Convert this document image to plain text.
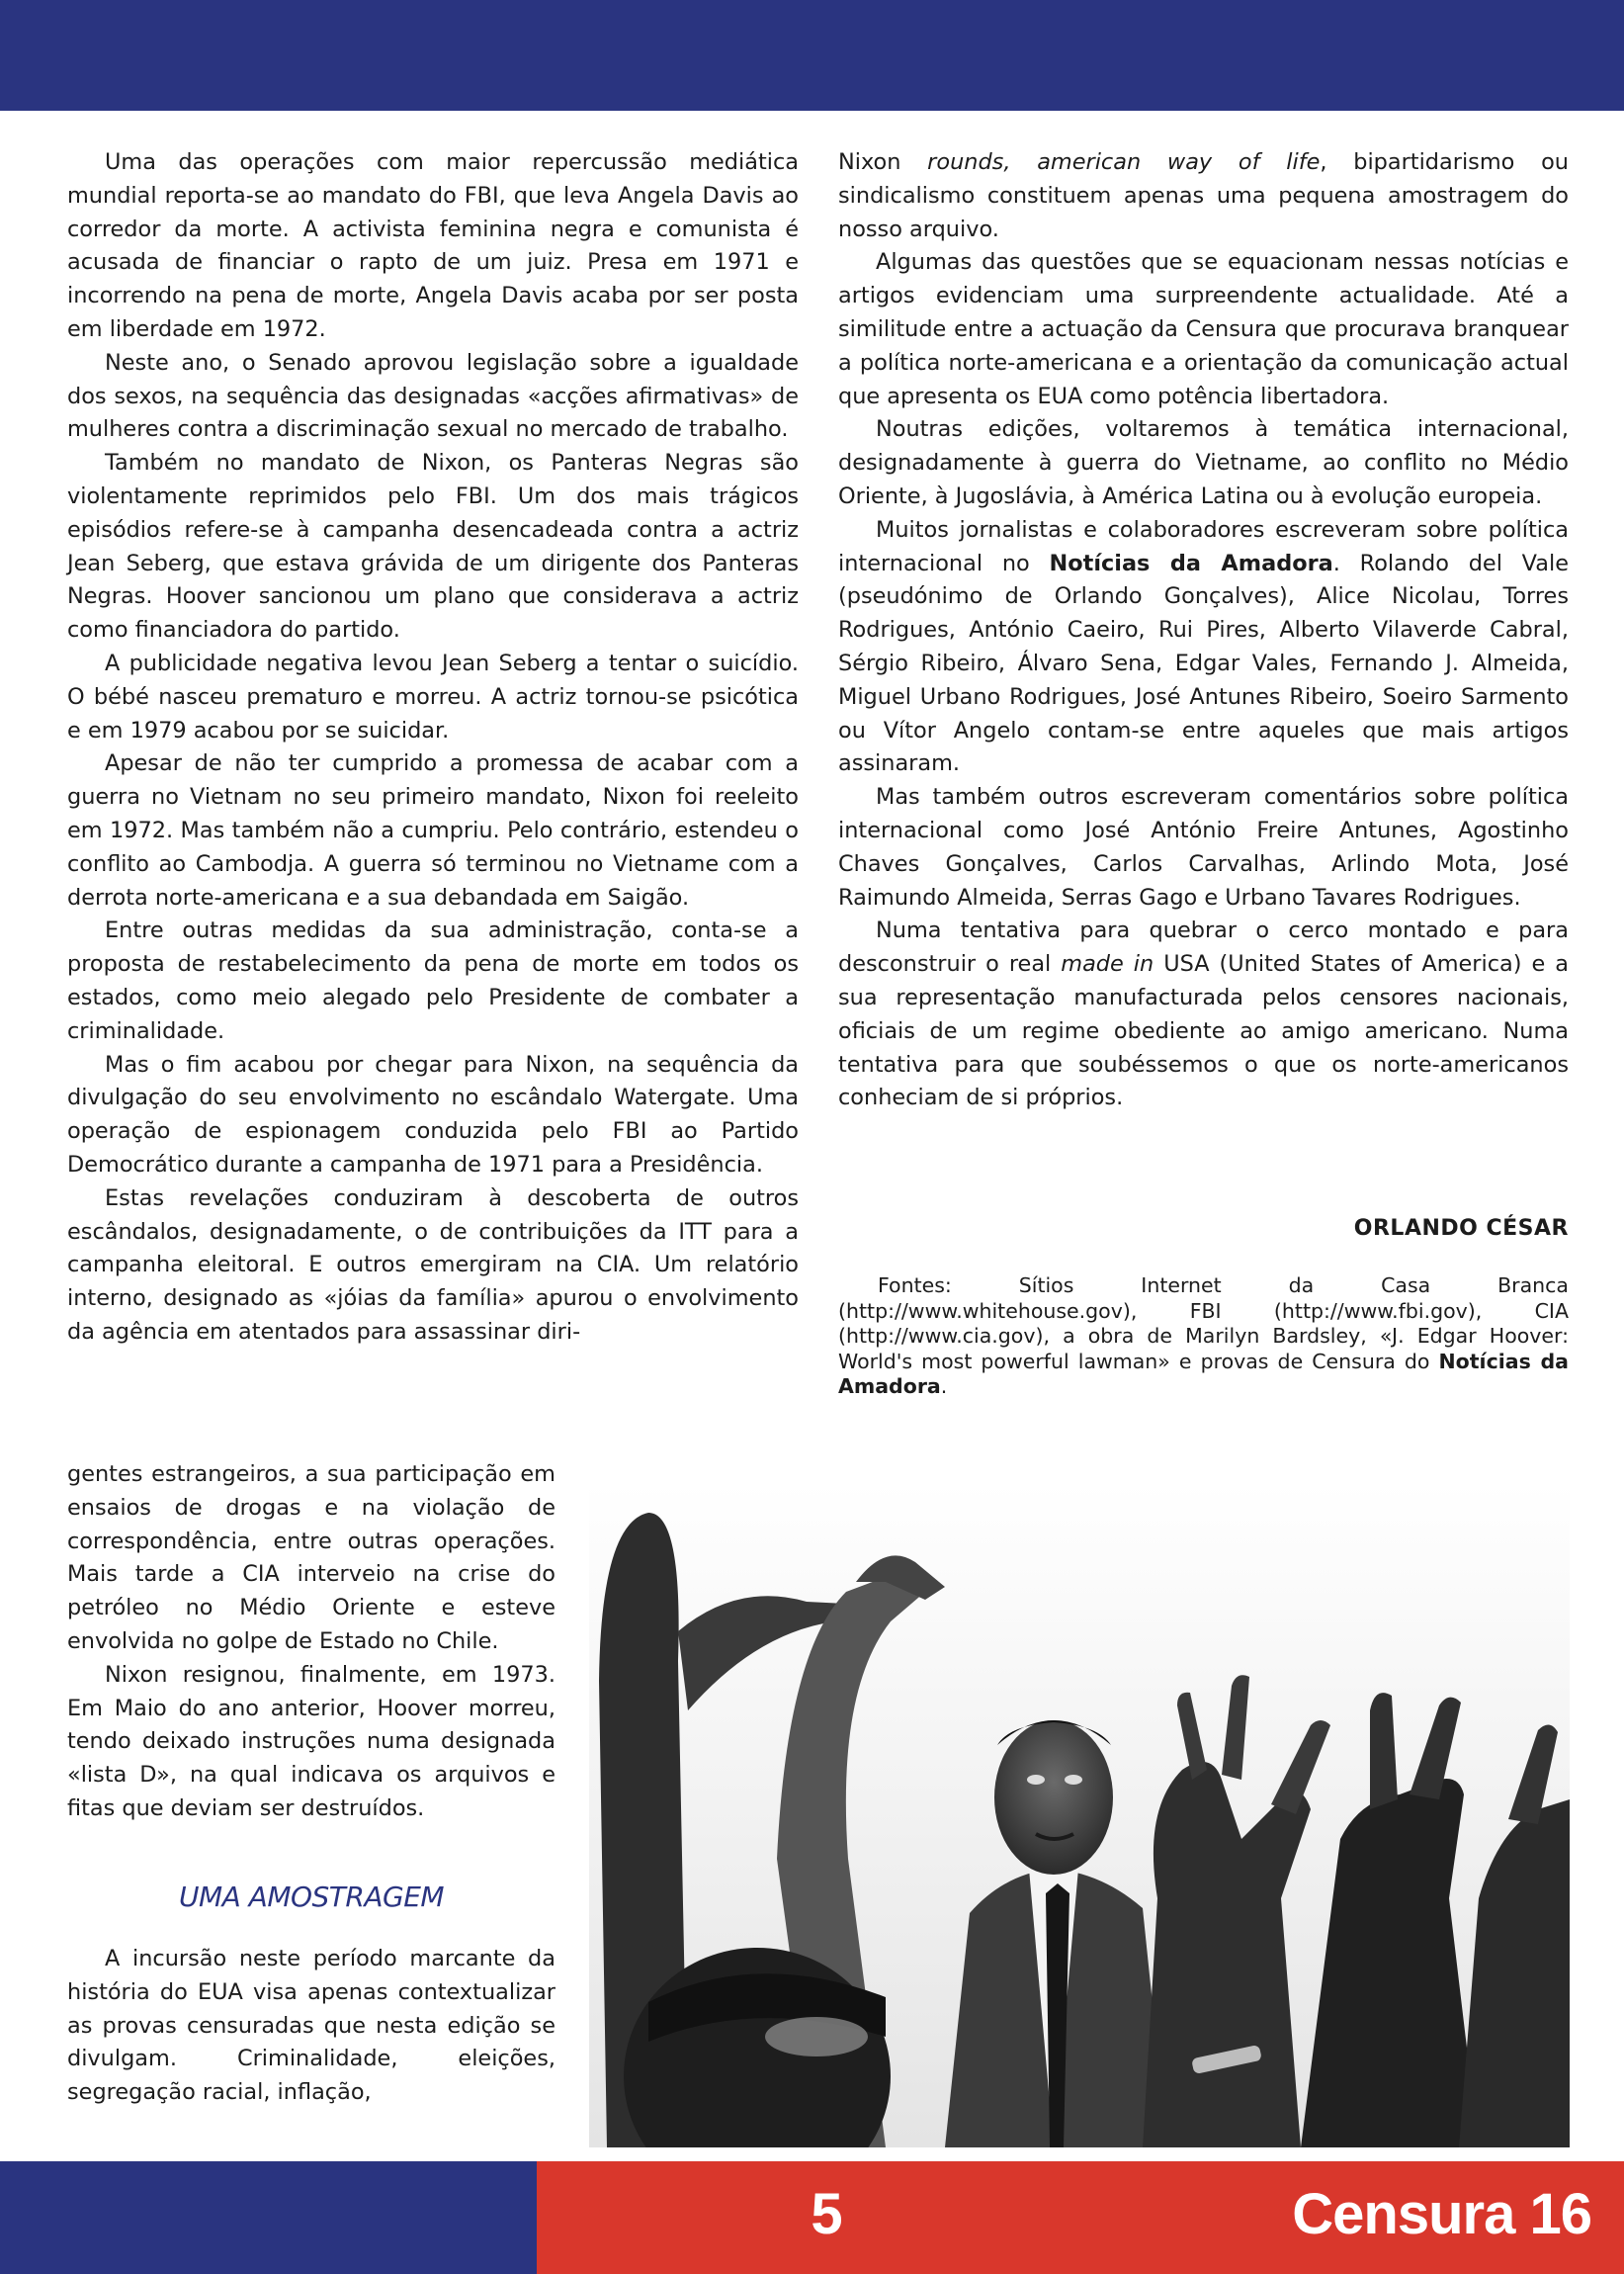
Uma das operações com maior repercussão mediática mundial reporta-se ao mandato do FBI, que leva Angela Davis ao corredor da morte. A activista feminina negra e comunista é acusada de financiar o rapto de um juiz. Presa em 1971 e incorrendo na pena de morte, Angela Davis acaba por ser posta em liberdade em 1972.

Neste ano, o Senado aprovou legislação sobre a igualdade dos sexos, na sequência das designadas «acções afirmativas» de mulheres contra a discriminação sexual no mercado de trabalho.

Também no mandato de Nixon, os Panteras Negras são violentamente reprimidos pelo FBI. Um dos mais trágicos episódios refere-se à campanha desencadeada contra a actriz Jean Seberg, que estava grávida de um dirigente dos Panteras Negras. Hoover sancionou um plano que considerava a actriz como financiadora do partido.

A publicidade negativa levou Jean Seberg a tentar o suicídio. O bébé nasceu prematuro e morreu. A actriz tornou-se psicótica e em 1979 acabou por se suicidar.

Apesar de não ter cumprido a promessa de acabar com a guerra no Vietnam no seu primeiro mandato, Nixon foi reeleito em 1972. Mas também não a cumpriu. Pelo contrário, estendeu o conflito ao Cambodja. A guerra só terminou no Vietname com a derrota norte-americana e a sua debandada em Saigão.

Entre outras medidas da sua administração, conta-se a proposta de restabelecimento da pena de morte em todos os estados, como meio alegado pelo Presidente de combater a criminalidade.

Mas o fim acabou por chegar para Nixon, na sequência da divulgação do seu envolvimento no escândalo Watergate. Uma operação de espionagem conduzida pelo FBI ao Partido Democrático durante a campanha de 1971 para a Presidência.

Estas revelações conduziram à descoberta de outros escândalos, designadamente, o de contribuições da ITT para a campanha eleitoral. E outros emergiram na CIA. Um relatório interno, designado as «jóias da família» apurou o envolvimento da agência em atentados para assassinar diri-

gentes estrangeiros, a sua participação em ensaios de drogas e na violação de correspondência, entre outras operações. Mais tarde a CIA interveio na crise do petróleo no Médio Oriente e esteve envolvida no golpe de Estado no Chile.

Nixon resignou, finalmente, em 1973. Em Maio do ano anterior, Hoover morreu, tendo deixado instruções numa designada «lista D», na qual indicava os arquivos e fitas que deviam ser destruídos.

UMA AMOSTRAGEM

A incursão neste período marcante da história do EUA visa apenas contextualizar as provas censuradas que nesta edição se divulgam. Criminalidade, eleições, segregação racial, inflação,

Nixon rounds, american way of life, bipartidarismo ou sindicalismo constituem apenas uma pequena amostragem do nosso arquivo.

Algumas das questões que se equacionam nessas notícias e artigos evidenciam uma surpreendente actualidade. Até a similitude entre a actuação da Censura que procurava branquear a política norte-americana e a orientação da comunicação actual que apresenta os EUA como potência libertadora.

Noutras edições, voltaremos à temática internacional, designadamente à guerra do Vietname, ao conflito no Médio Oriente, à Jugoslávia, à América Latina ou à evolução europeia.

Muitos jornalistas e colaboradores escreveram sobre política internacional no Notícias da Amadora. Rolando del Vale (pseudónimo de Orlando Gonçalves), Alice Nicolau, Torres Rodrigues, António Caeiro, Rui Pires, Alberto Vilaverde Cabral, Sérgio Ribeiro, Álvaro Sena, Edgar Vales, Fernando J. Almeida, Miguel Urbano Rodrigues, José Antunes Ribeiro, Soeiro Sarmento ou Vítor Angelo contam-se entre aqueles que mais artigos assinaram.

Mas também outros escreveram comentários sobre política internacional como José António Freire Antunes, Agostinho Chaves Gonçalves, Carlos Carvalhas, Arlindo Mota, José Raimundo Almeida, Serras Gago e Urbano Tavares Rodrigues.

Numa tentativa para quebrar o cerco montado e para desconstruir o real made in USA (United States of America) e a sua representação manufacturada pelos censores nacionais, oficiais de um regime obediente ao amigo americano. Numa tentativa para que soubéssemos o que os norte-americanos conheciam de si próprios.

ORLANDO CÉSAR
Fontes: Sítios Internet da Casa Branca (http://www.whitehouse.gov), FBI (http://www.fbi.gov), CIA (http://www.cia.gov), a obra de Marilyn Bardsley, «J. Edgar Hoover: World's most powerful lawman» e provas de Censura do Notícias da Amadora.
5	Censura 16
